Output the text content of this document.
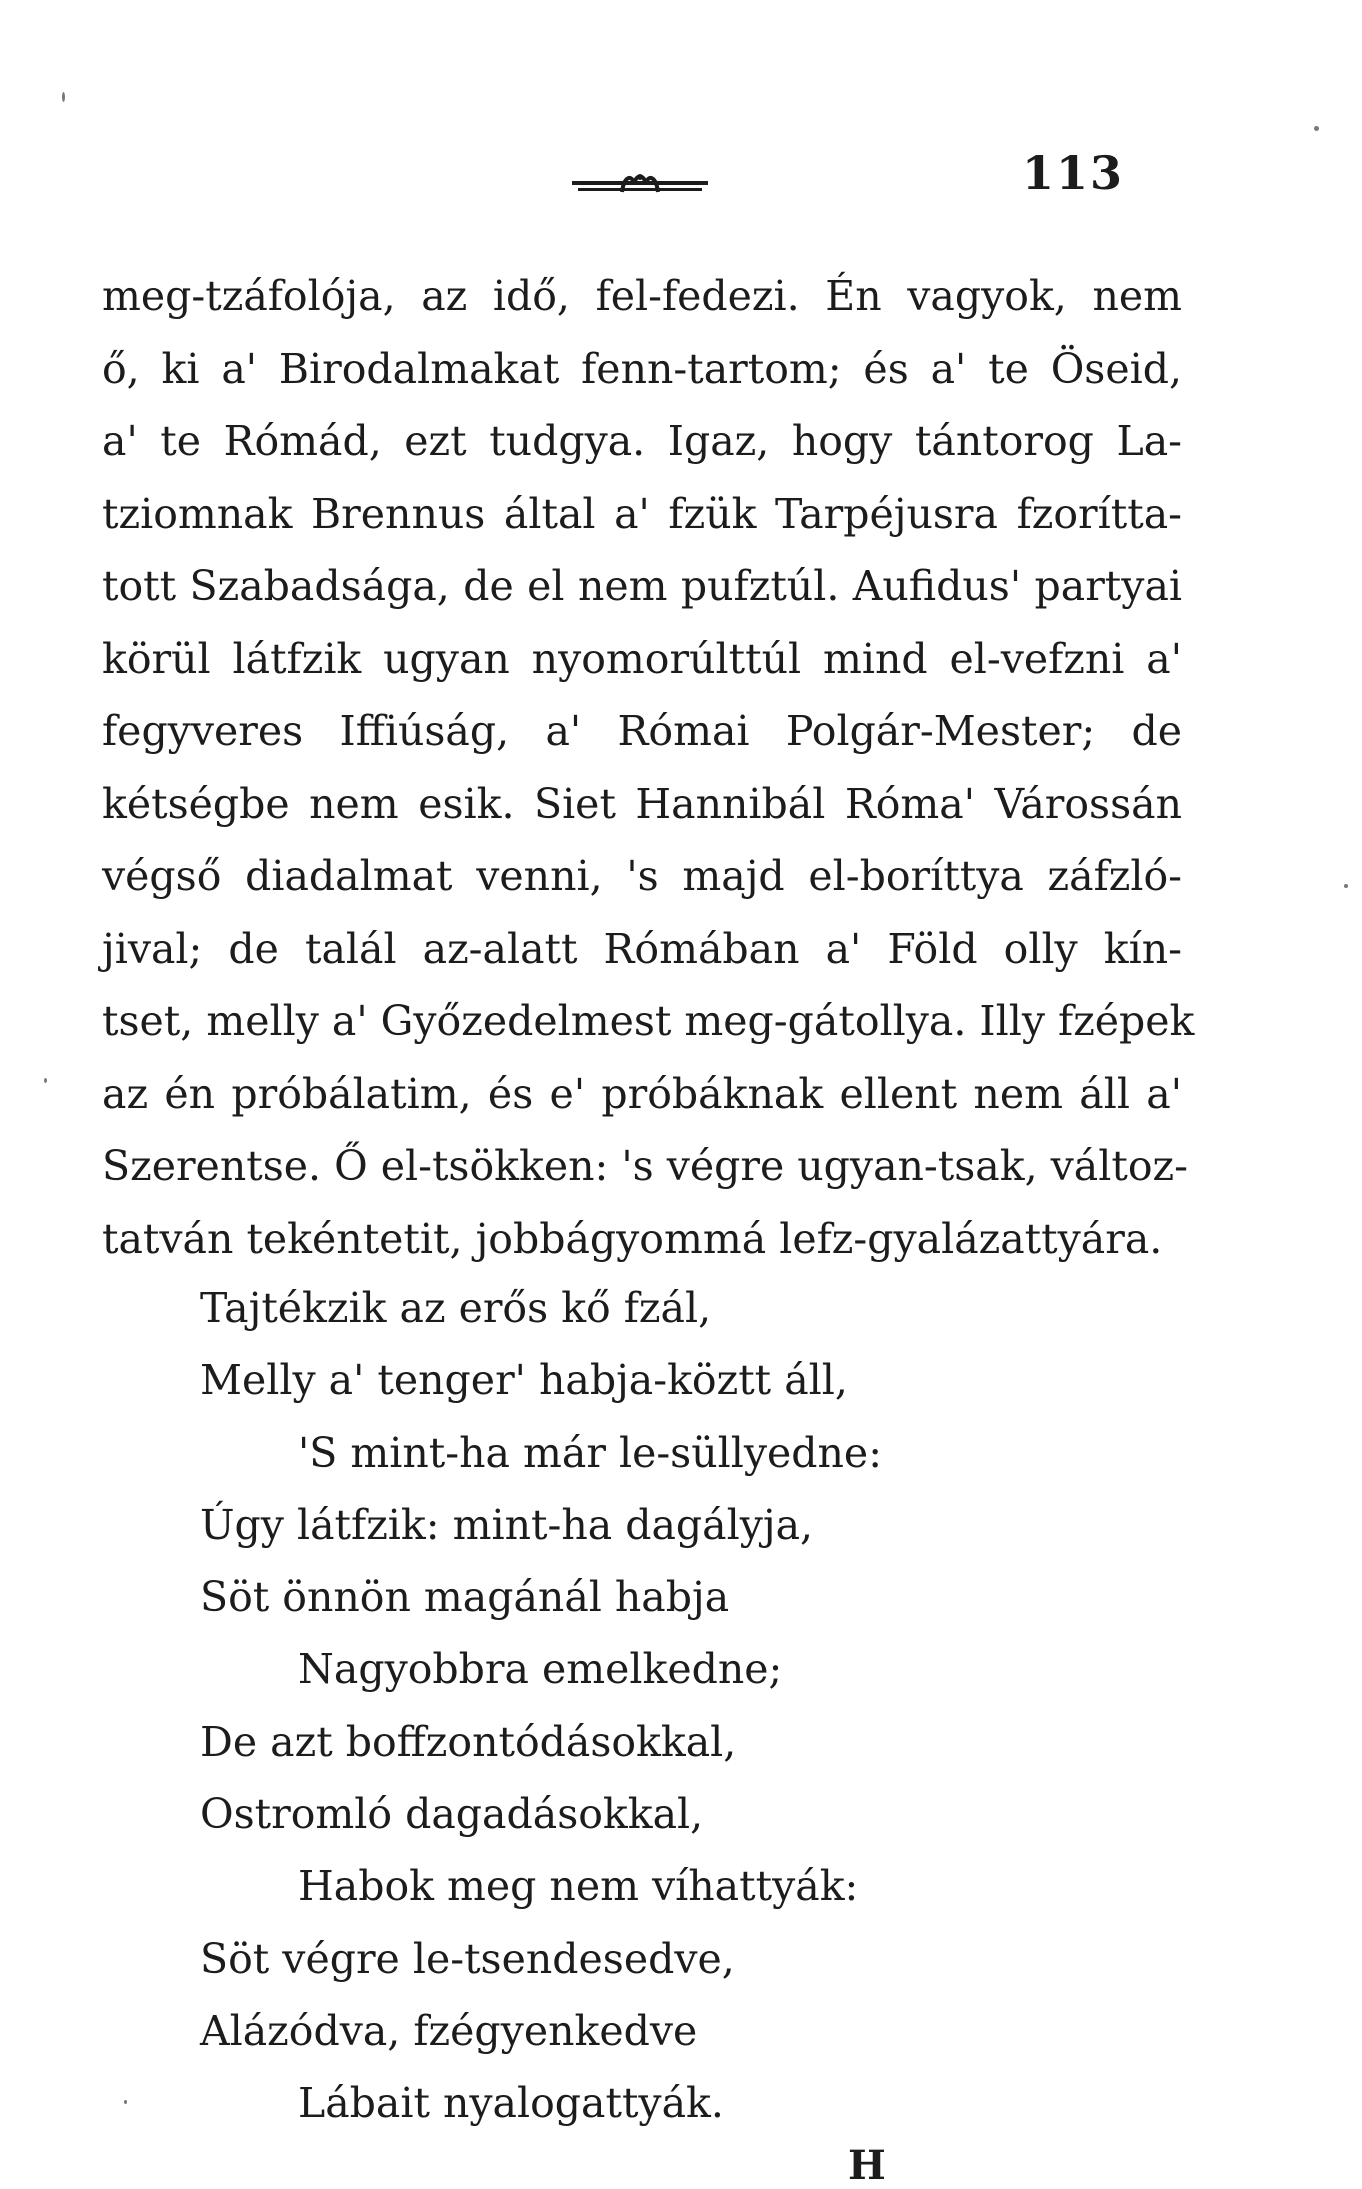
113
meg-tzáfolója, az idő, fel-fedezi. Én vagyok, nem
ő, ki a' Birodalmakat fenn-tartom; és a' te Öseid,
a' te Rómád, ezt tudgya. Igaz, hogy tántorog La-
tziomnak Brennus által a' fzük Tarpéjusra fzorítta-
tott Szabadsága, de el nem pufztúl. Aufidus' partyai
körül látfzik ugyan nyomorúlttúl mind el-vefzni a'
fegyveres Iffiúság, a' Római Polgár-Mester; de
kétségbe nem esik. Siet Hannibál Róma' Várossán
végső diadalmat venni, 's majd el-boríttya záfzló-
jival; de talál az-alatt Rómában a' Föld olly kín-
tset, melly a' Győzedelmest meg-gátollya. Illy fzépek
az én próbálatim, és e' próbáknak ellent nem áll a'
Szerentse. Ő el-tsökken: 's végre ugyan-tsak, változ-
tatván tekéntetit, jobbágyommá lefz-gyalázattyára.
Tajtékzik az erős kő fzál,
Melly a' tenger' habja-köztt áll,
'S mint-ha már le-süllyedne:
Úgy látfzik: mint-ha dagályja,
Söt önnön magánál habja
Nagyobbra emelkedne;
De azt boffzontódásokkal,
Ostromló dagadásokkal,
Habok meg nem víhattyák:
Söt végre le-tsendesedve,
Alázódva, fzégyenkedve
Lábait nyalogattyák.
H
